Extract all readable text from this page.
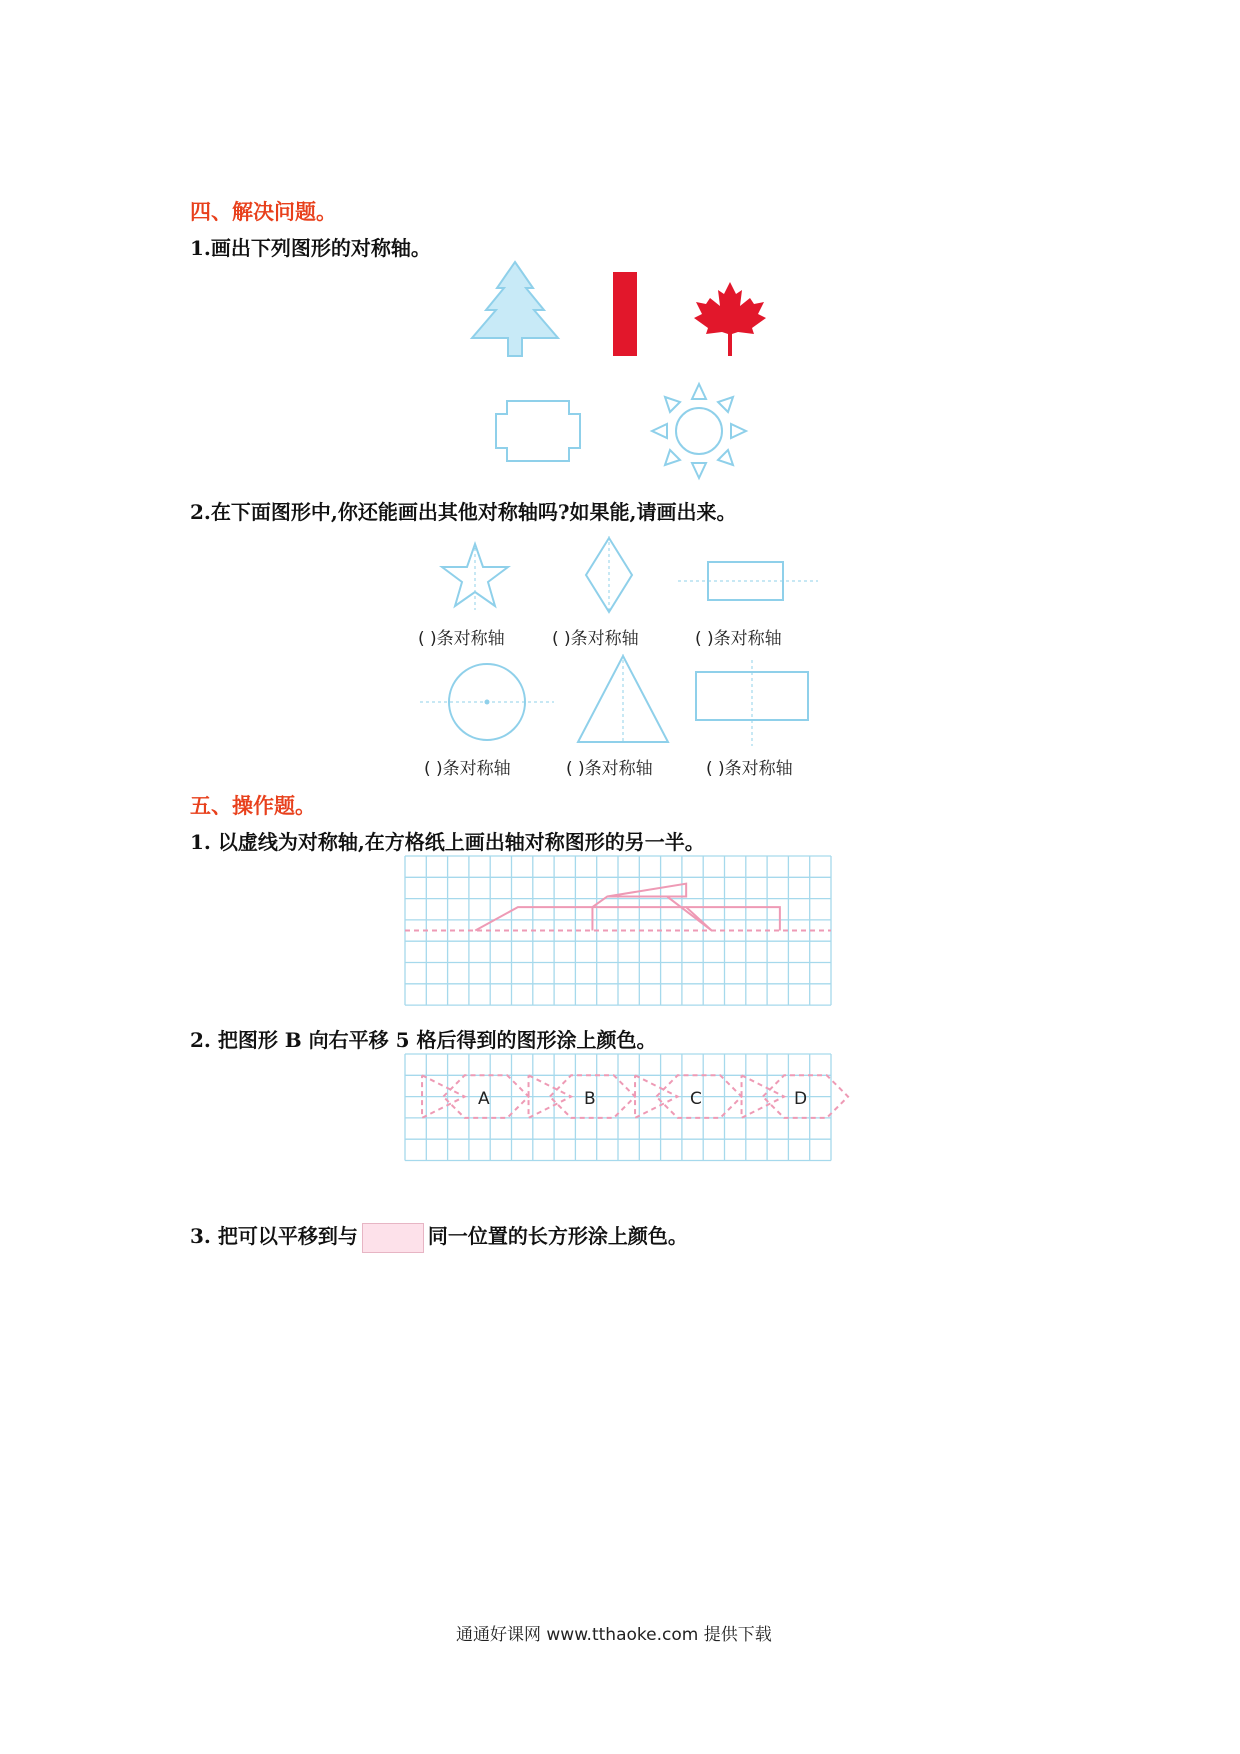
四、解决问题。
1.画出下列图形的对称轴。
2.在下面图形中,你还能画出其他对称轴吗?如果能,请画出来。
( )条对称轴	( )条对称轴	( )条对称轴
( )条对称轴	( )条对称轴	( )条对称轴
五、操作题。
1. 以虚线为对称轴,在方格纸上画出轴对称图形的另一半。
2. 把图形 B 向右平移 5 格后得到的图形涂上颜色。
A	B	C	D
3. 把可以平移到与	同一位置的长方形涂上颜色。
通通好课网 www.tthaoke.com 提供下载
